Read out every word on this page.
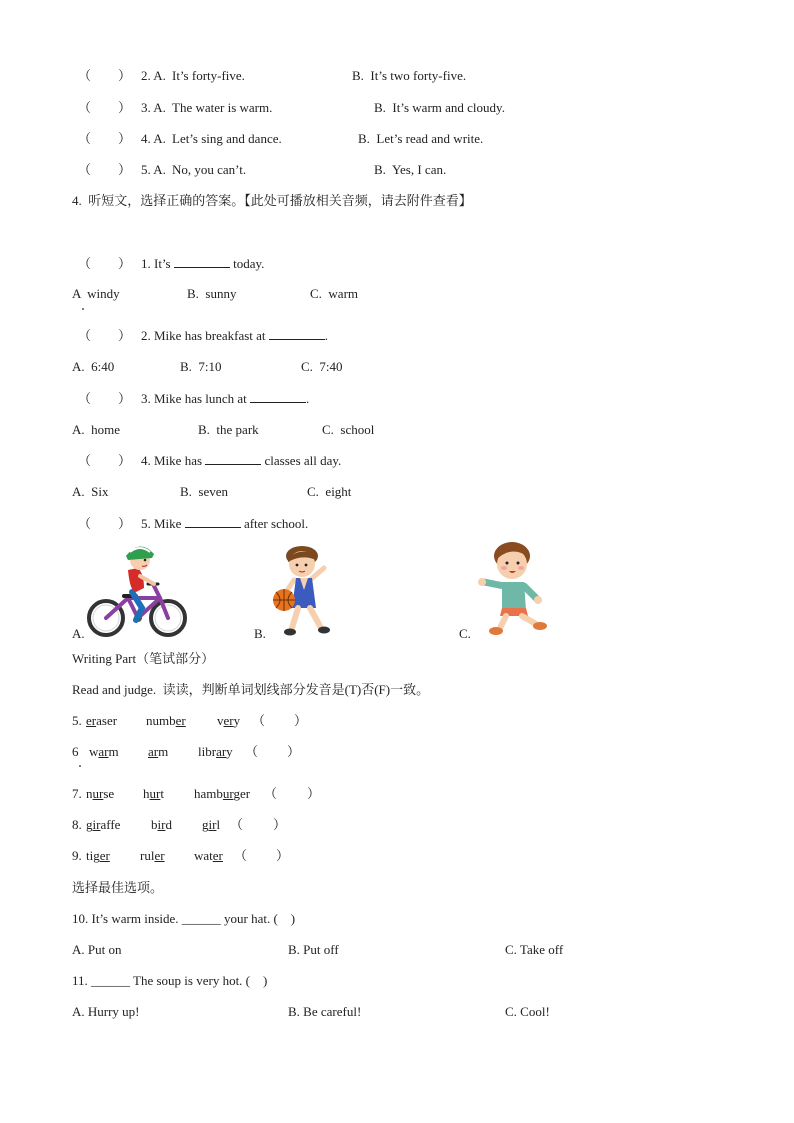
（ ） 2. A. It’s forty-five.	B.  It’s two forty-five.
（ ） 3. A. The water is warm.	B.  It’s warm and cloudy.
（ ） 4. A. Let’s sing and dance.	B.  Let’s read and write.
（ ） 5. A. No, you can’t.	B.  Yes, I can.
4.  听短文，选择正确的答案。【此处可播放相关音频，请去附件查看】
（ ） 1. It’s	today.
A  windy	B.  sunny	C.  warm
（ ） 2. Mike has breakfast at	.
A.  6:40	B.  7:10	C.  7:40
（ ） 3. Mike has lunch at	.
A.  home	B.  the park	C.  school
（ ） 4. Mike has	classes all day.
A.  Six	B.  seven	C.  eight
（ ） 5. Mike	after school.
A.	B.	C.
Writing Part（笔试部分）
Read and judge.  读读，判断单词划线部分发音是(T)否(F)一致。
5. eraser number very （ ）
6 warm arm library （ ）
7. nurse hurt hamburger （ ）
8. giraffe bird girl （ ）
9. tiger ruler water （ ）
选择最佳选项。
10. It’s warm inside. ______ your hat. (    )
A. Put on	B. Put off	C. Take off
11. ______ The soup is very hot. (    )
A. Hurry up!	B. Be careful!	C. Cool!
